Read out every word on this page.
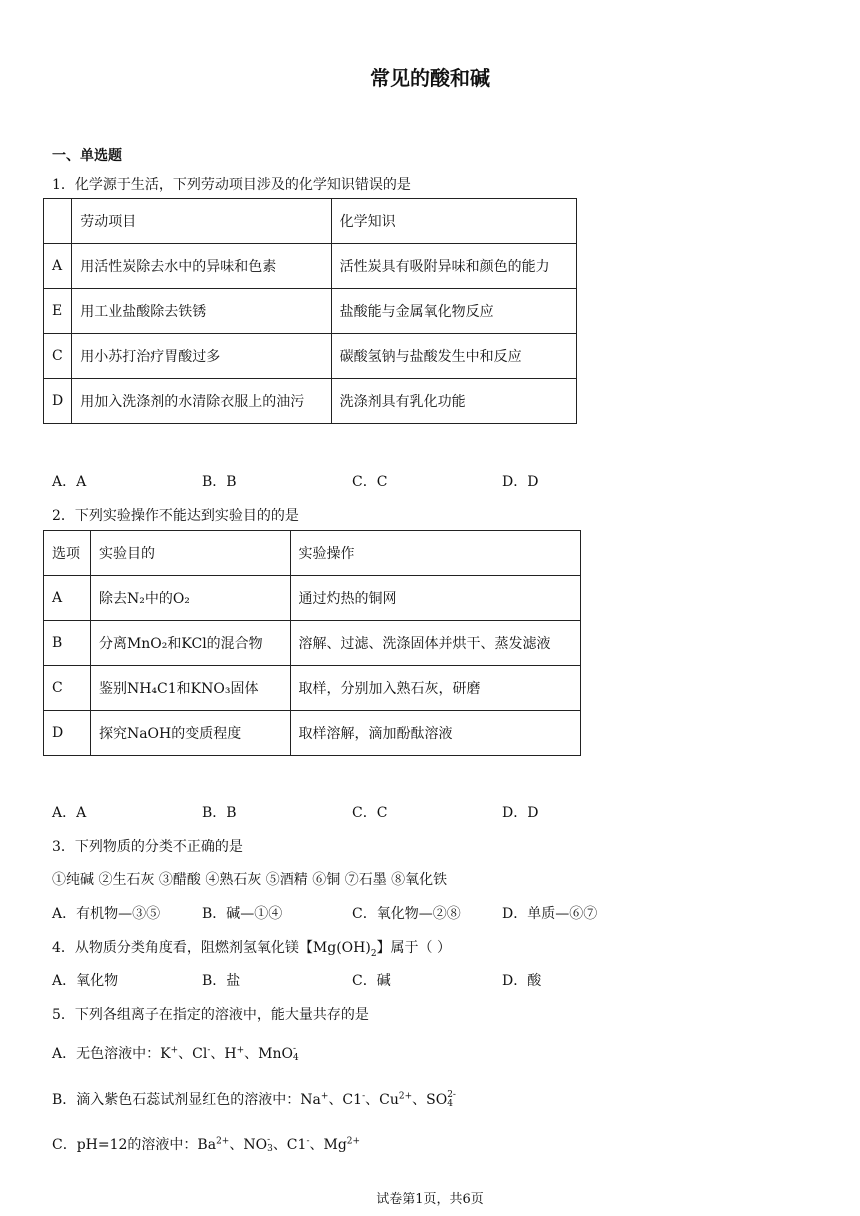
常见的酸和碱
一、单选题
1．化学源于生活，下列劳动项目涉及的化学知识错误的是
	劳动项目	化学知识
A	用活性炭除去水中的异味和色素	活性炭具有吸附异味和颜色的能力
E	用工业盐酸除去铁锈	盐酸能与金属氧化物反应
C	用小苏打治疗胃酸过多	碳酸氢钠与盐酸发生中和反应
D	用加入洗涤剂的水清除衣服上的油污	洗涤剂具有乳化功能
A．A	B．B	C．C	D．D
2．下列实验操作不能达到实验目的的是
选项	实验目的	实验操作
A	除去N₂中的O₂	通过灼热的铜网
B	分离MnO₂和KCl的混合物	溶解、过滤、洗涤固体并烘干、蒸发滤液
C	鉴别NH₄C1和KNO₃固体	取样，分别加入熟石灰，研磨
D	探究NaOH的变质程度	取样溶解，滴加酚酞溶液
A．A	B．B	C．C	D．D
3．下列物质的分类不正确的是
①纯碱 ②生石灰 ③醋酸 ④熟石灰 ⑤酒精 ⑥铜 ⑦石墨 ⑧氧化铁
A．有机物—③⑤	B．碱—①④	C．氧化物—②⑧	D．单质—⑥⑦
4．从物质分类角度看，阻燃剂氢氧化镁【$Mg(OH)_2$】属于（ ）
A．氧化物	B．盐	C．碱	D．酸
5．下列各组离子在指定的溶液中，能大量共存的是
A．无色溶液中：K+、Cl-、H+、MnO -
4
B．滴入紫色石蕊试剂显红色的溶液中：Na+、C1-、$Cu^{2+}$、SO 2-
4
C．pH=12的溶液中：$Ba^{2+}$、NO -
3 、C1-、$Mg^{2+}$
试卷第1页，共6页
